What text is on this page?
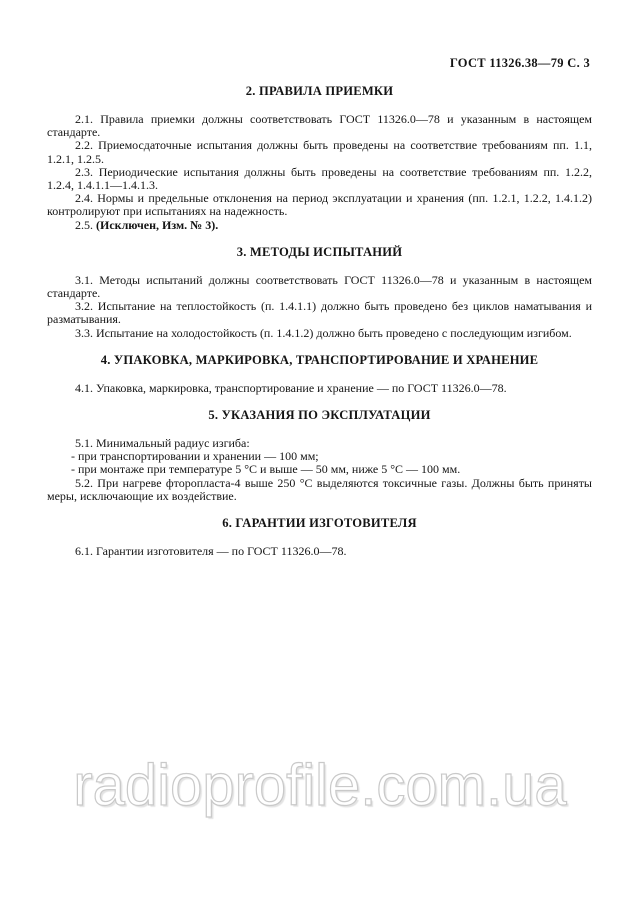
ГОСТ 11326.38—79 С. 3
2. ПРАВИЛА ПРИЕМКИ

2.1. Правила приемки должны соответствовать ГОСТ 11326.0—78 и указанным в настоящем стандарте.

2.2. Приемосдаточные испытания должны быть проведены на соответствие требованиям пп. 1.1, 1.2.1, 1.2.5.

2.3. Периодические испытания должны быть проведены на соответствие требованиям пп. 1.2.2, 1.2.4, 1.4.1.1—1.4.1.3.

2.4. Нормы и предельные отклонения на период эксплуатации и хранения (пп. 1.2.1, 1.2.2, 1.4.1.2) контролируют при испытаниях на надежность.

2.5. (Исключен, Изм. № 3).

3. МЕТОДЫ ИСПЫТАНИЙ

3.1. Методы испытаний должны соответствовать ГОСТ 11326.0—78 и указанным в настоящем стандарте.

3.2. Испытание на теплостойкость (п. 1.4.1.1) должно быть проведено без циклов наматывания и разматывания.

3.3. Испытание на холодостойкость (п. 1.4.1.2) должно быть проведено с последующим изгибом.

4. УПАКОВКА, МАРКИРОВКА, ТРАНСПОРТИРОВАНИЕ И ХРАНЕНИЕ

4.1. Упаковка, маркировка, транспортирование и хранение — по ГОСТ 11326.0—78.

5. УКАЗАНИЯ ПО ЭКСПЛУАТАЦИИ

5.1. Минимальный радиус изгиба:

- при транспортировании и хранении — 100 мм;

- при монтаже при температуре 5 °С и выше — 50 мм, ниже 5 °С — 100 мм.

5.2. При нагреве фторопласта-4 выше 250 °С выделяются токсичные газы. Должны быть приняты меры, исключающие их воздействие.

6. ГАРАНТИИ ИЗГОТОВИТЕЛЯ

6.1. Гарантии изготовителя — по ГОСТ 11326.0—78.

radioprofile.com.ua
